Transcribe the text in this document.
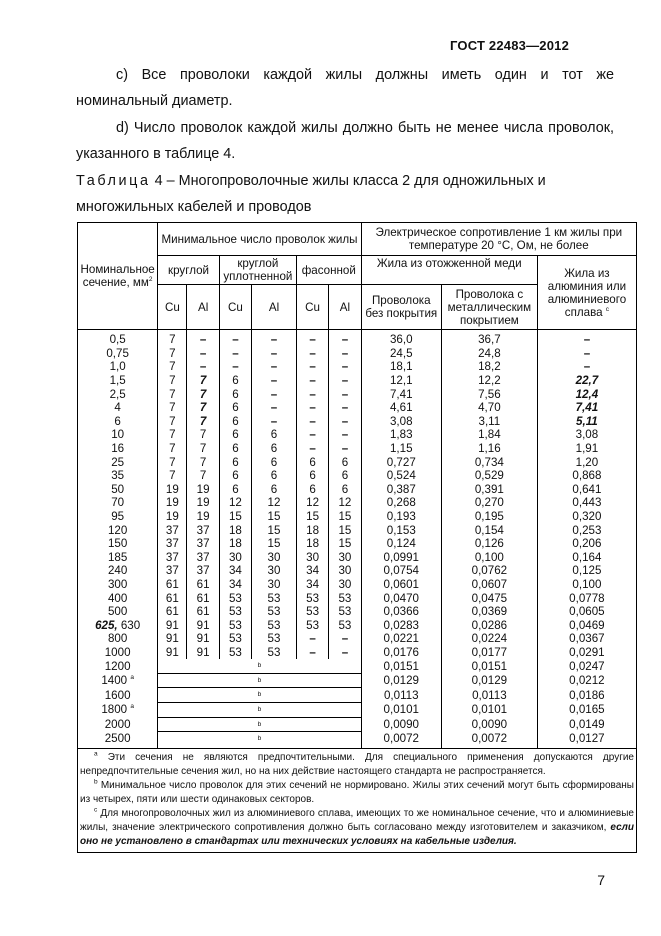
ГОСТ 22483—2012
c) Все проволоки каждой жилы должны иметь один и тот же номинальный диаметр.
d) Число проволок каждой жилы должно быть не менее числа проволок, указанного в таблице 4.
Таблица 4 – Многопроволочные жилы класса 2 для одножильных и многожильных кабелей и проводов
Номинальное сечение, $мм^2$	Минимальное число проволок жилы						Электрическое сопротивление 1 км жилы при температуре 20 °С, Ом, не более		
	круглой		круглой уплотненной		фасонной		Жила из отожженной меди		Жила из алюминия или алюминиевого сплава $^с$
	Cu	Al	Cu	Al	Cu	Al	Проволока без покрытия	Проволока с металлическим покрытием	
0,5	7	–	–	–	–	–	36,0	36,7	–
0,75	7	–	–	–	–	–	24,5	24,8	–
1,0	7	–	–	–	–	–	18,1	18,2	–
1,5	7	7	6	–	–	–	12,1	12,2	22,7
2,5	7	7	6	–	–	–	7,41	7,56	12,4
4	7	7	6	–	–	–	4,61	4,70	7,41
6	7	7	6	–	–	–	3,08	3,11	5,11
10	7	7	6	6	–	–	1,83	1,84	3,08
16	7	7	6	6	–	–	1,15	1,16	1,91
25	7	7	6	6	6	6	0,727	0,734	1,20
35	7	7	6	6	6	6	0,524	0,529	0,868
50	19	19	6	6	6	6	0,387	0,391	0,641
70	19	19	12	12	12	12	0,268	0,270	0,443
95	19	19	15	15	15	15	0,193	0,195	0,320
120	37	37	18	15	18	15	0,153	0,154	0,253
150	37	37	18	15	18	15	0,124	0,126	0,206
185	37	37	30	30	30	30	0,0991	0,100	0,164
240	37	37	34	30	34	30	0,0754	0,0762	0,125
300	61	61	34	30	34	30	0,0601	0,0607	0,100
400	61	61	53	53	53	53	0,0470	0,0475	0,0778
500	61	61	53	53	53	53	0,0366	0,0369	0,0605
625, 630	91	91	53	53	53	53	0,0283	0,0286	0,0469
800	91	91	53	53	–	–	0,0221	0,0224	0,0367
1000	91	91	53	53	–	–	0,0176	0,0177	0,0291
1200	b						0,0151	0,0151	0,0247
1400 $^а$	b						0,0129	0,0129	0,0212
1600	b						0,0113	0,0113	0,0186
1800 $^а$	b						0,0101	0,0101	0,0165
2000	b						0,0090	0,0090	0,0149
2500	b						0,0072	0,0072	0,0127

$^а$ Эти сечения не являются предпочтительными. Для специального применения допускаются другие непредпочтительные сечения жил, но на них действие настоящего стандарта не распространяется.

$^b$ Минимальное число проволок для этих сечений не нормировано. Жилы этих сечений могут быть сформированы из четырех, пяти или шести одинаковых секторов.

$^c$ Для многопроволочных жил из алюминиевого сплава, имеющих то же номинальное сечение, что и алюминиевые жилы, значение электрического сопротивления должно быть согласовано между изготовителем и заказчиком, если оно не установлено в стандартах или технических условиях на кабельные изделия.									

7
